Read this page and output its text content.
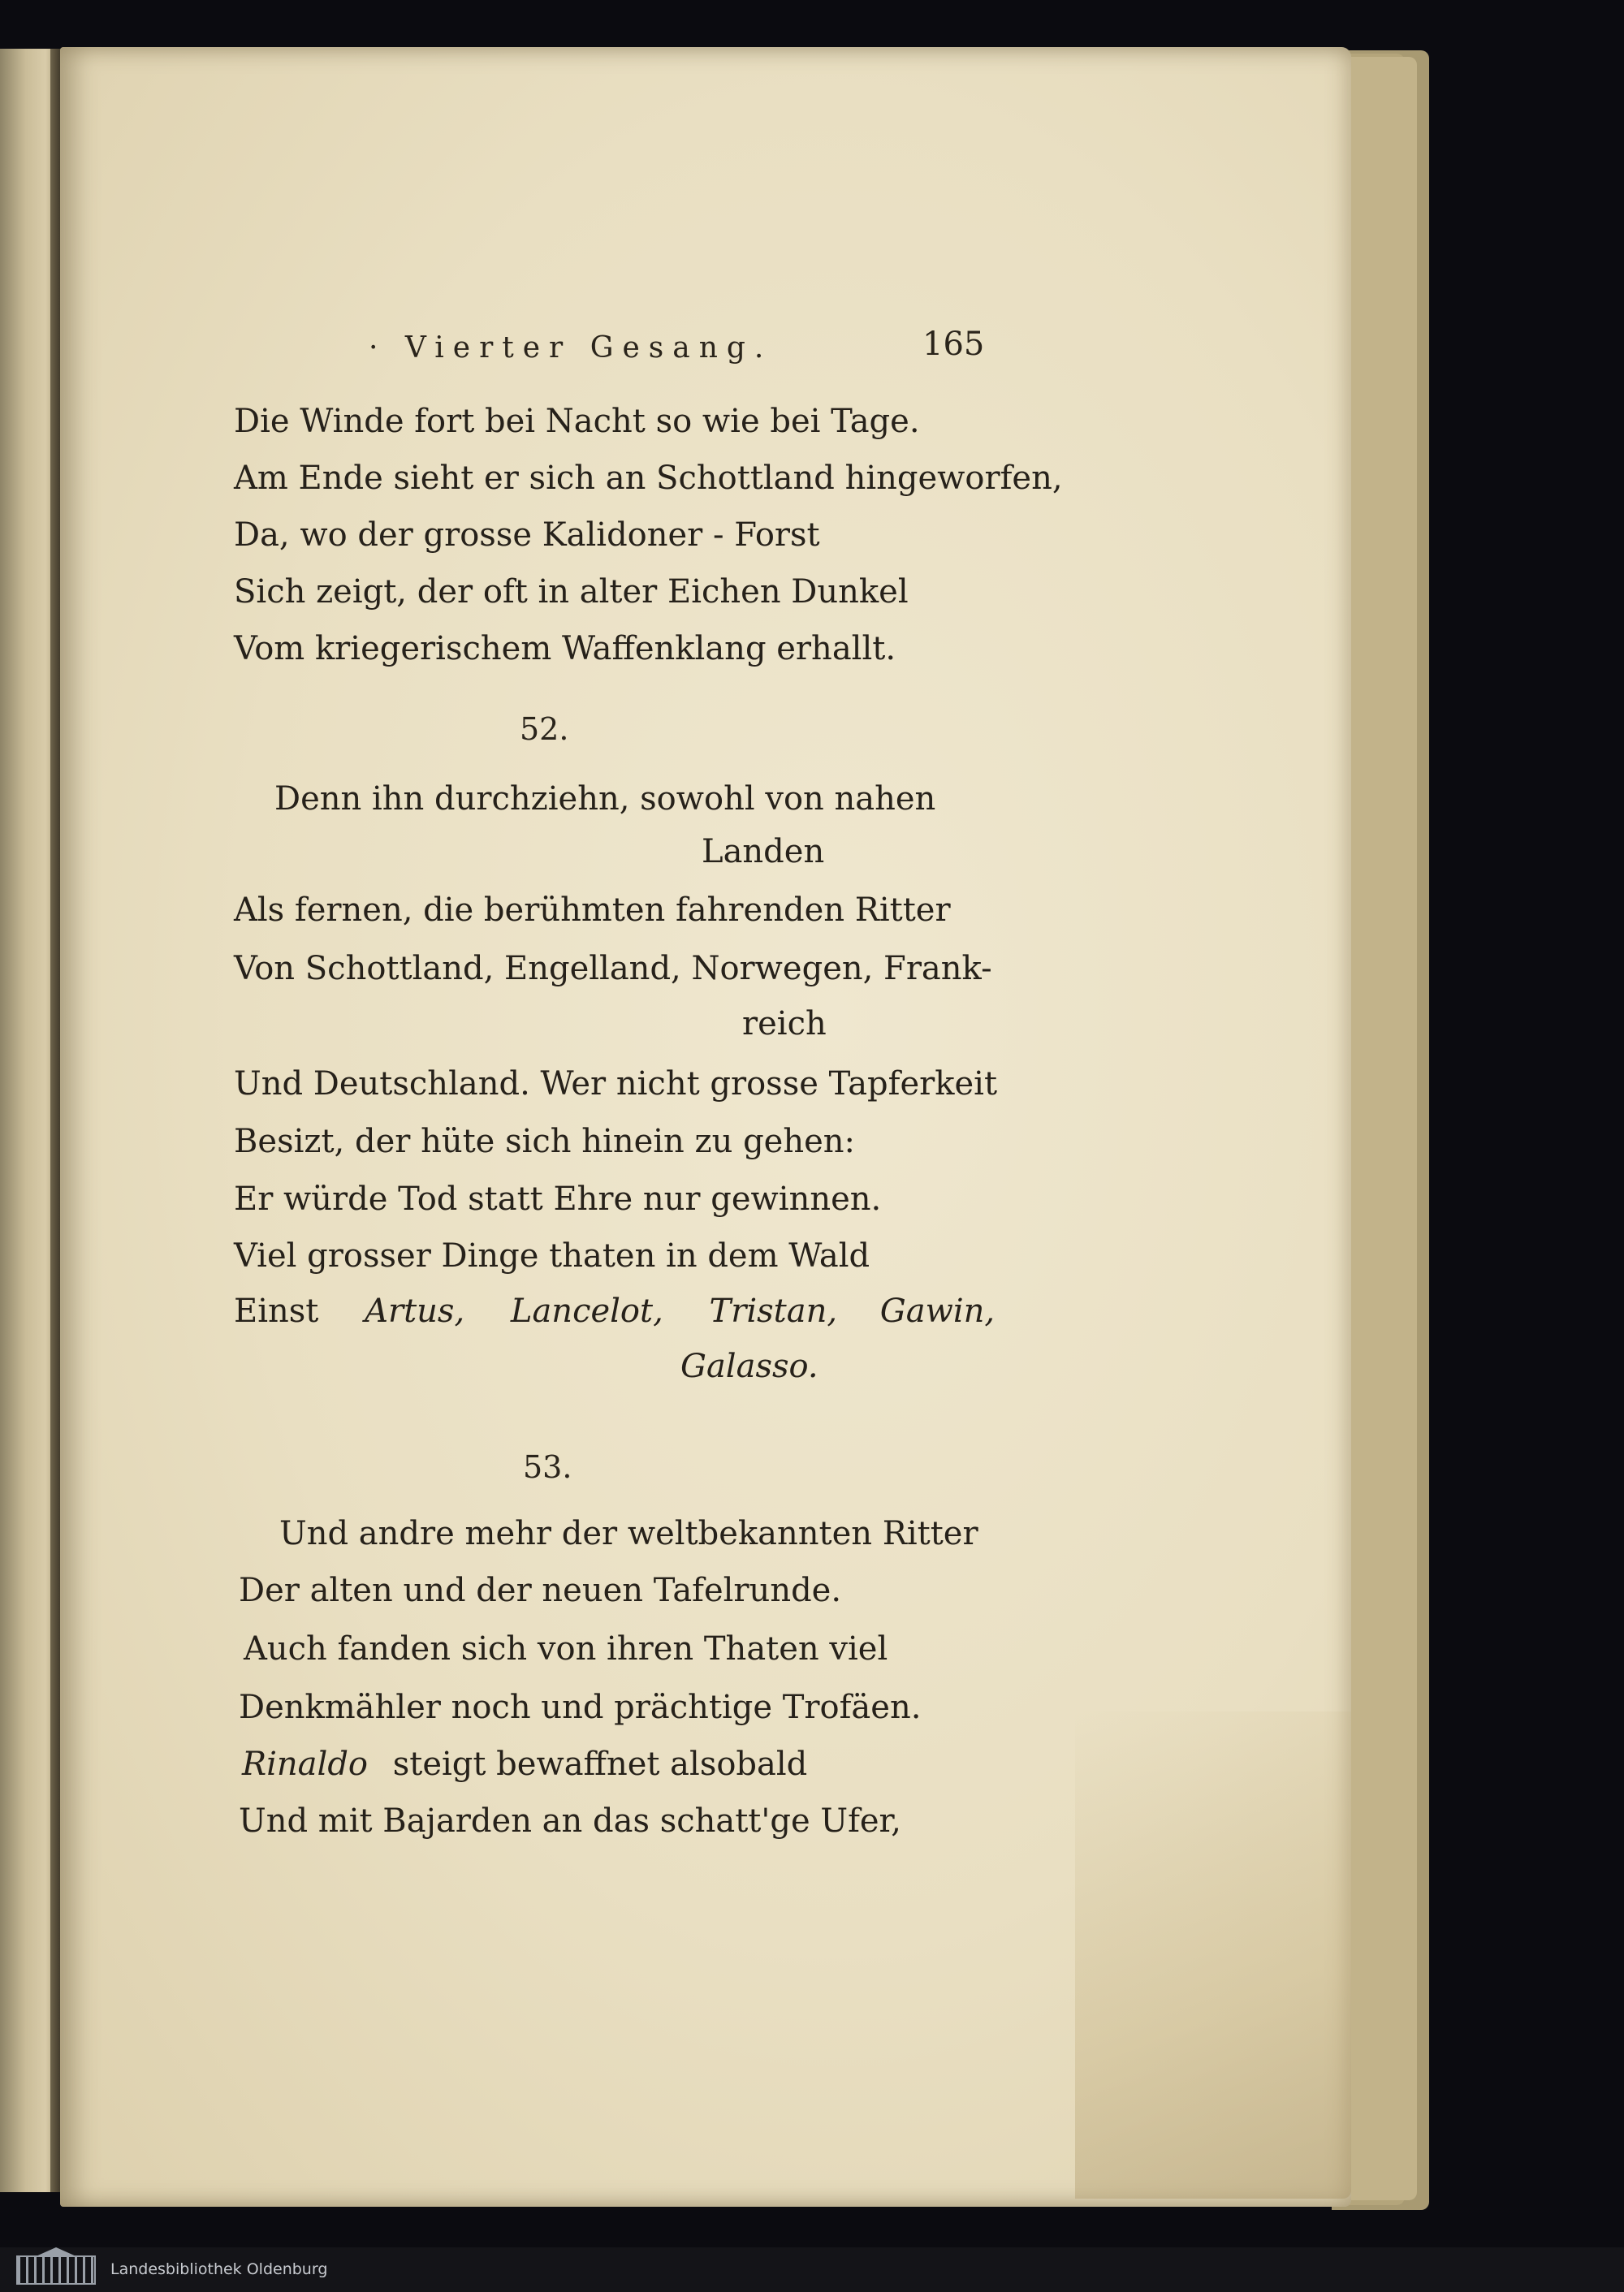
· Vierter Gesang.	165
Die Winde fort bei Nacht so wie bei Tage.
Am Ende sieht er sich an Schottland hingeworfen,
Da, wo der grosse Kalidoner - Forst
Sich zeigt, der oft in alter Eichen Dunkel
Vom kriegerischem Waffenklang erhallt.
52.
Denn ihn durchziehn, sowohl von nahen
Landen
Als fernen, die berühmten fahrenden Ritter
Von Schottland, Engelland, Norwegen, Frank-
reich
Und Deutschland. Wer nicht grosse Tapferkeit
Besizt, der hüte sich hinein zu gehen:
Er würde Tod statt Ehre nur gewinnen.
Viel grosser Dinge thaten in dem Wald
Einst Artus, Lancelot, Tristan, Gawin,
Galasso.
53.
Und andre mehr der weltbekannten Ritter
Der alten und der neuen Tafelrunde.
Auch fanden sich von ihren Thaten viel
Denkmähler noch und prächtige Trofäen.
Rinaldo steigt bewaffnet alsobald
Und mit Bajarden an das schatt'ge Ufer,
Landesbibliothek Oldenburg
